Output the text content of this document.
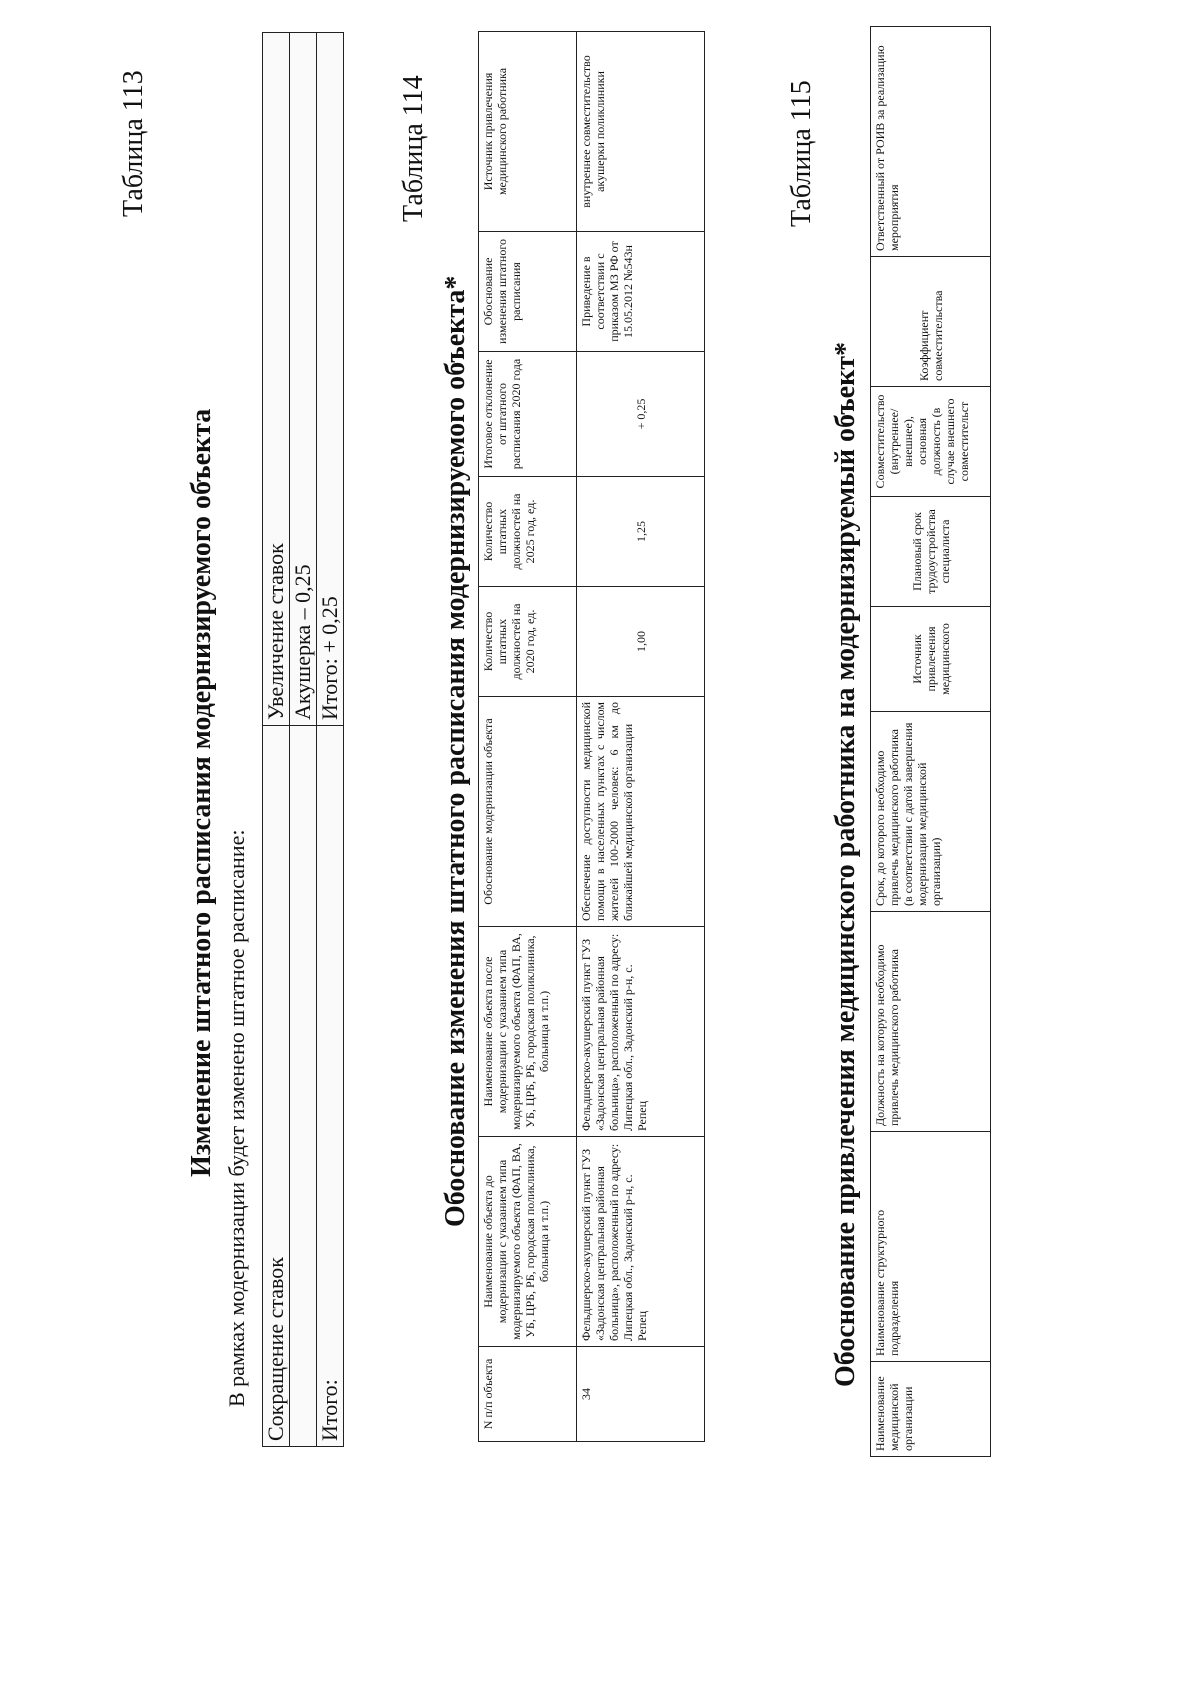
Таблица 113
Изменение штатного расписания модернизируемого объекта В рамках модернизации будет изменено штатное расписание: Сокращение ставок	Увеличение ставок
	Акушерка – 0,25
Итого:	Итого: + 0,25
Таблица 114
Обоснование изменения штатного расписания модернизируемого объекта*
N п/п объекта	Наименование объекта до модернизации с указанием типа модернизируемого объекта (ФАП, ВА, УБ, ЦРБ, РБ, городская поликлиника, больница и т.п.)	Наименование объекта после модернизации с указанием типа модернизируемого объекта (ФАП, ВА, УБ, ЦРБ, РБ, городская поликлиника, больница и т.п.)	Обоснование модернизации объекта	Количество штатных должностей на 2020 год, ед.	Количество штатных должностей на 2025 год, ед.	Итоговое отклонение от штатного расписания 2020 года	Обоснование изменения штатного расписания	Источник привлечения медицинского работника
34	Фельдшерско-акушерский пункт ГУЗ «Задонская центральная районная больница», расположенный по адресу: Липецкая обл., Задонский р-н, с. Репец	Фельдшерско-акушерский пункт ГУЗ «Задонская центральная районная больница», расположенный по адресу: Липецкая обл., Задонский р-н, с. Репец	Обеспечение доступности медицинской помощи в населенных пунктах с числом жителей 100-2000 человек: 6 км до ближайшей медицинской организации	1,00	1,25	+ 0,25	Приведение в соответствии с приказом МЗ РФ от 15.05.2012 №543н	внутреннее совместительство акушерки поликлиники	Таблица 115
Обоснование привлечения медицинского работника на модернизируемый объект*
Наименование медицинской организации	Наименование структурного подразделения	Должность на которую необходимо привлечь медицинского работника	Срок, до которого необходимо привлечь медицинского работника (в соответствии с датой завершения модернизации медицинской организации)	Источник привлечения медицинского	Плановый срок трудоустройства специалиста	Совместительство (внутреннее/внешнее), основная должность (в случае внешнего совместительст	Коэффициент совместительства	Ответственный от РОИВ за реализацию мероприятия
